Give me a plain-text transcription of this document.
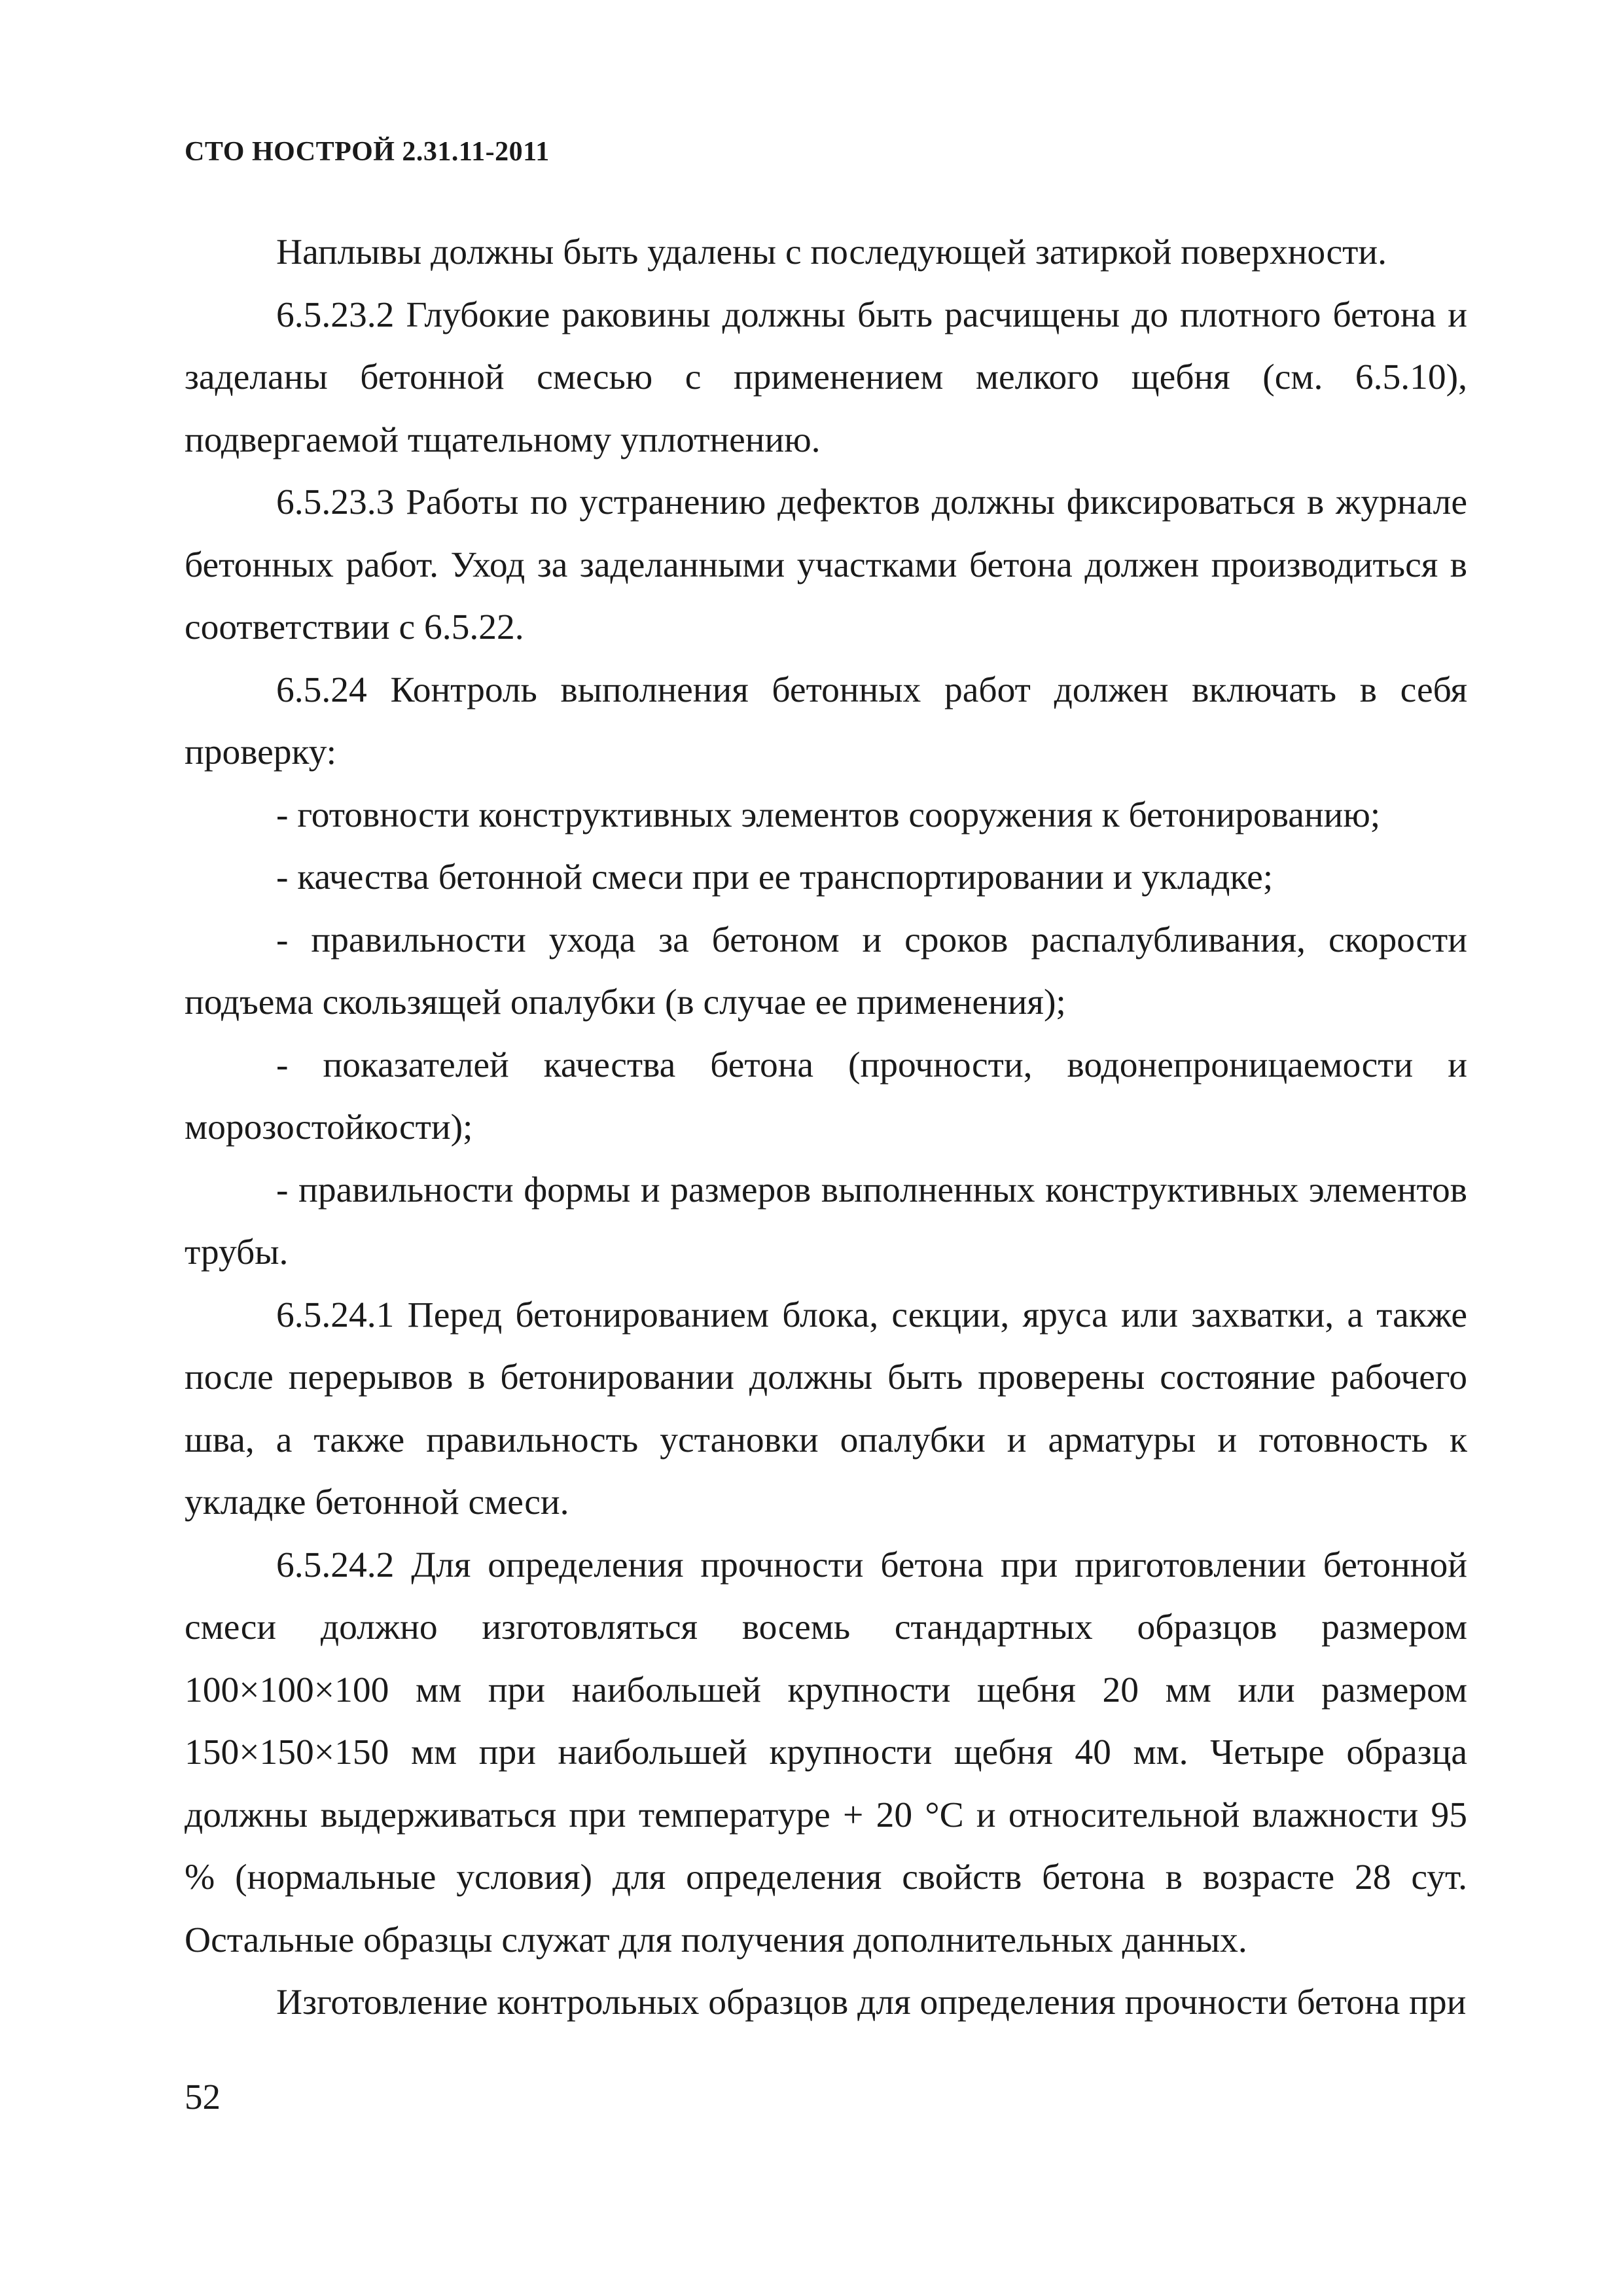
СТО НОСТРОЙ 2.31.11-2011

Наплывы должны быть удалены с последующей затиркой поверхности.

6.5.23.2 Глубокие раковины должны быть расчищены до плотного бетона и заделаны бетонной смесью с применением мелкого щебня (см. 6.5.10), подвергаемой тщательному уплотнению.

6.5.23.3 Работы по устранению дефектов должны фиксироваться в журнале бетонных работ. Уход за заделанными участками бетона должен производиться в соответствии с 6.5.22.

6.5.24 Контроль выполнения бетонных работ должен включать в себя проверку:

- готовности конструктивных элементов сооружения к бетонированию;

- качества бетонной смеси при ее транспортировании и укладке;

- правильности ухода за бетоном и сроков распалубливания, скорости подъема скользящей опалубки (в случае ее применения);

- показателей качества бетона (прочности, водонепроницаемости и морозостойкости);

- правильности формы и размеров выполненных конструктивных элементов трубы.

6.5.24.1 Перед бетонированием блока, секции, яруса или захватки, а также после перерывов в бетонировании должны быть проверены состояние рабочего шва, а также правильность установки опалубки и арматуры и готовность к укладке бетонной смеси.

6.5.24.2 Для определения прочности бетона при приготовлении бетонной смеси должно изготовляться восемь стандартных образцов размером 100×100×100 мм при наибольшей крупности щебня 20 мм или размером 150×150×150 мм при наибольшей крупности щебня 40 мм. Четыре образца должны выдерживаться при температуре + 20 °С и относительной влажности 95 % (нормальные условия) для определения свойств бетона в возрасте 28 сут. Остальные образцы служат для получения дополнительных данных.

Изготовление контрольных образцов для определения прочности бетона при

52
